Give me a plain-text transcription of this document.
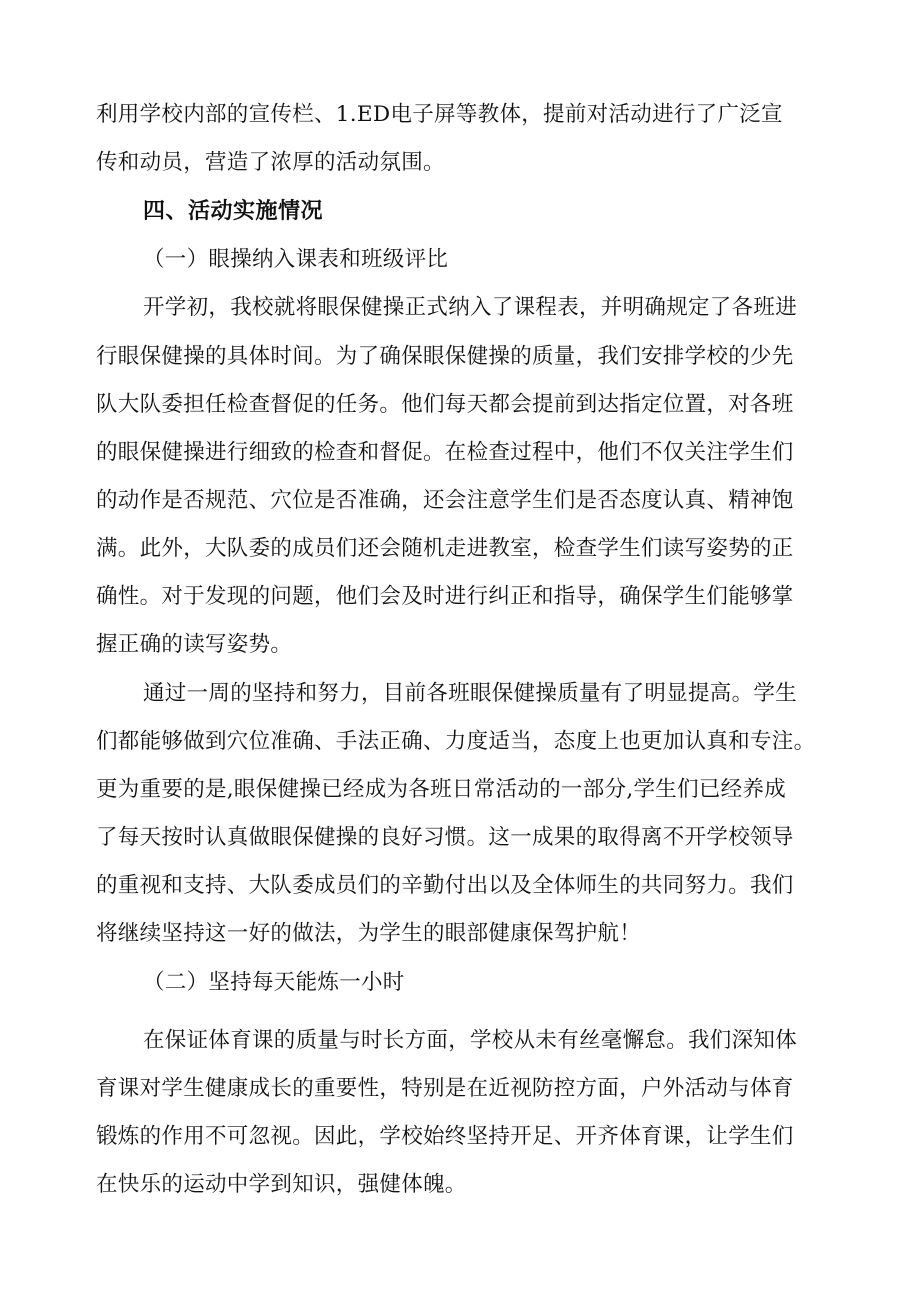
利用学校内部的宣传栏、1.ED电子屏等教体，提前对活动进行了广泛宣
传和动员，营造了浓厚的活动氛围。
四、活动实施情况
（一）眼操纳入课表和班级评比
开学初，我校就将眼保健操正式纳入了课程表，并明确规定了各班进
行眼保健操的具体时间。为了确保眼保健操的质量，我们安排学校的少先
队大队委担任检查督促的任务。他们每天都会提前到达指定位置，对各班
的眼保健操进行细致的检查和督促。在检查过程中，他们不仅关注学生们
的动作是否规范、穴位是否准确，还会注意学生们是否态度认真、精神饱
满。此外，大队委的成员们还会随机走进教室，检查学生们读写姿势的正
确性。对于发现的问题，他们会及时进行纠正和指导，确保学生们能够掌
握正确的读写姿势。
通过一周的坚持和努力，目前各班眼保健操质量有了明显提高。学生
们都能够做到穴位准确、手法正确、力度适当，态度上也更加认真和专注。
更为重要的是,眼保健操已经成为各班日常活动的一部分,学生们已经养成
了每天按时认真做眼保健操的良好习惯。这一成果的取得离不开学校领导
的重视和支持、大队委成员们的辛勤付出以及全体师生的共同努力。我们
将继续坚持这一好的做法，为学生的眼部健康保驾护航！
（二）坚持每天能炼一小时
在保证体育课的质量与时长方面，学校从未有丝毫懈怠。我们深知体
育课对学生健康成长的重要性，特别是在近视防控方面，户外活动与体育
锻炼的作用不可忽视。因此，学校始终坚持开足、开齐体育课，让学生们
在快乐的运动中学到知识，强健体魄。
